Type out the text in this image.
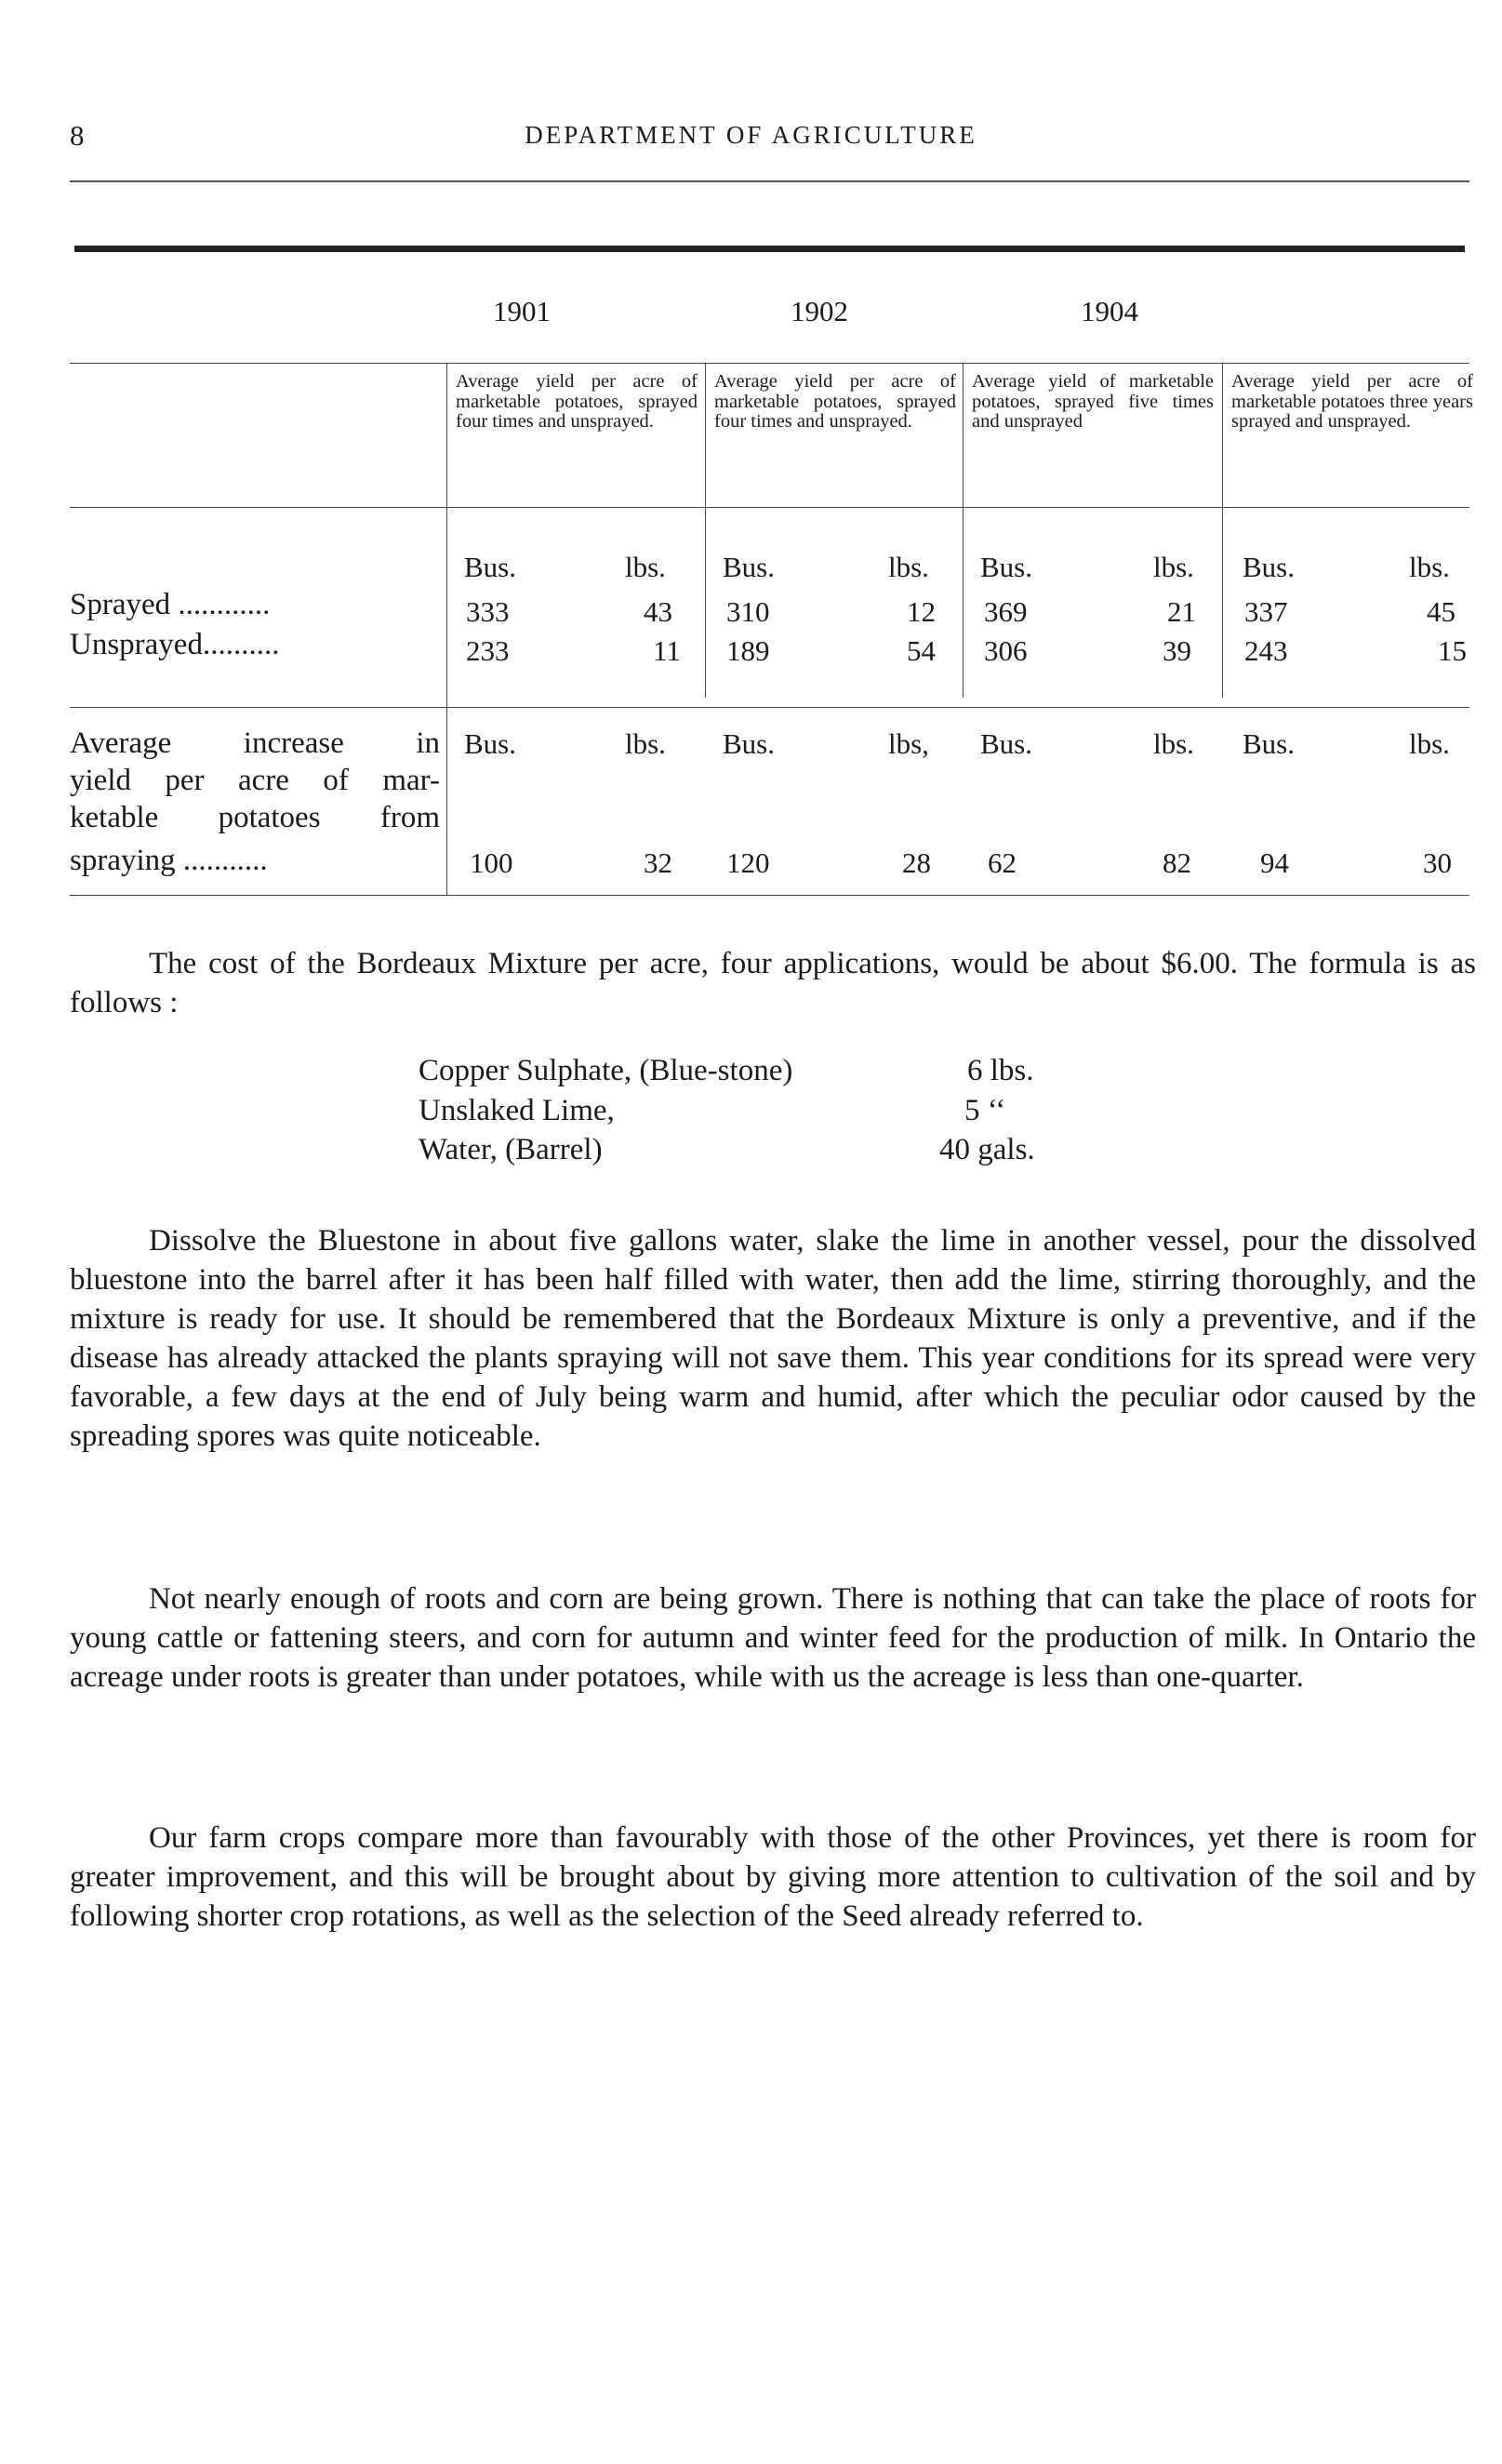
8	DEPARTMENT OF AGRICULTURE
1901	1902	1904
Average yield per acre of marketable potatoes, sprayed four times and unsprayed.
Average yield per acre of marketable potatoes, sprayed four times and unsprayed.
Average yield of marketable potatoes, sprayed five times and unsprayed
Average yield per acre of marketable potatoes three years sprayed and unsprayed.
Bus.	lbs. Bus.	lbs. Bus.	lbs. Bus.	lbs.
Sprayed ............	333	43 310	12 369	21 337	45
Unsprayed..........	233	11 189	54 306	39 243	15
Average increase in
yield per acre of mar-
ketable potatoes from
spraying ...........
Bus.	lbs. Bus.	lbs, Bus.	lbs. Bus.	lbs.
100	32 120	28 62	82 94	30
The cost of the Bordeaux Mixture per acre, four applications, would be about $6.00. The formula is as follows :
Copper Sulphate, (Blue-stone)	6 lbs.
Unslaked Lime,	5 ‘‘
Water, (Barrel)	40 gals.
Dissolve the Bluestone in about five gallons water, slake the lime in another vessel, pour the dissolved bluestone into the barrel after it has been half filled with water, then add the lime, stirring thoroughly, and the mixture is ready for use. It should be remembered that the Bordeaux Mixture is only a preventive, and if the disease has already attacked the plants spraying will not save them. This year conditions for its spread were very favorable, a few days at the end of July being warm and humid, after which the peculiar odor caused by the spreading spores was quite noticeable.
Not nearly enough of roots and corn are being grown. There is nothing that can take the place of roots for young cattle or fattening steers, and corn for autumn and winter feed for the production of milk. In Ontario the acreage under roots is greater than under potatoes, while with us the acreage is less than one-quarter.
Our farm crops compare more than favourably with those of the other Provinces, yet there is room for greater improvement, and this will be brought about by giving more attention to cultivation of the soil and by following shorter crop rotations, as well as the selection of the Seed already referred to.
